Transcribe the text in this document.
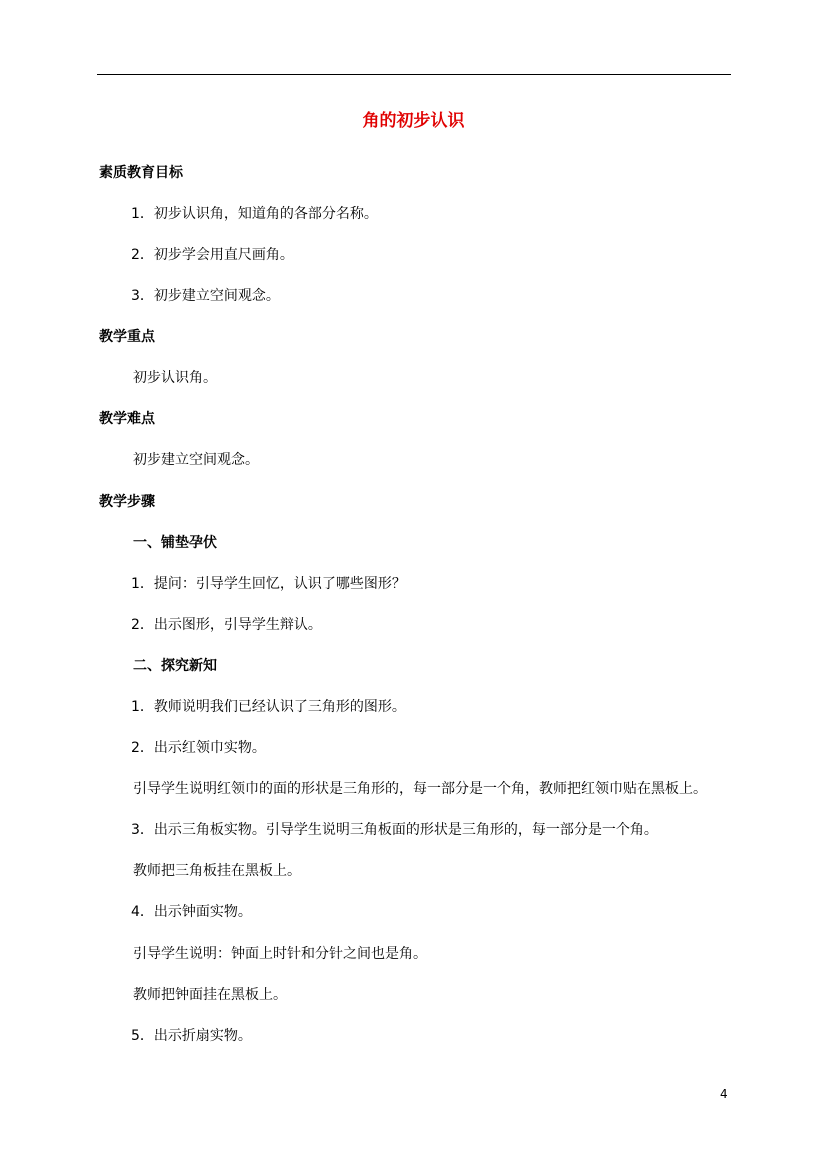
角的初步认识
素质教育目标
1．初步认识角，知道角的各部分名称。
2．初步学会用直尺画角。
3．初步建立空间观念。
教学重点
初步认识角。
教学难点
初步建立空间观念。
教学步骤
一、铺垫孕伏
1．提问：引导学生回忆，认识了哪些图形？
2．出示图形，引导学生辩认。
二、探究新知
1．教师说明我们已经认识了三角形的图形。
2．出示红领巾实物。
引导学生说明红领巾的面的形状是三角形的，每一部分是一个角，教师把红领巾贴在黑板上。
3．出示三角板实物。引导学生说明三角板面的形状是三角形的，每一部分是一个角。
教师把三角板挂在黑板上。
4．出示钟面实物。
引导学生说明：钟面上时针和分针之间也是角。
教师把钟面挂在黑板上。
5．出示折扇实物。
4
